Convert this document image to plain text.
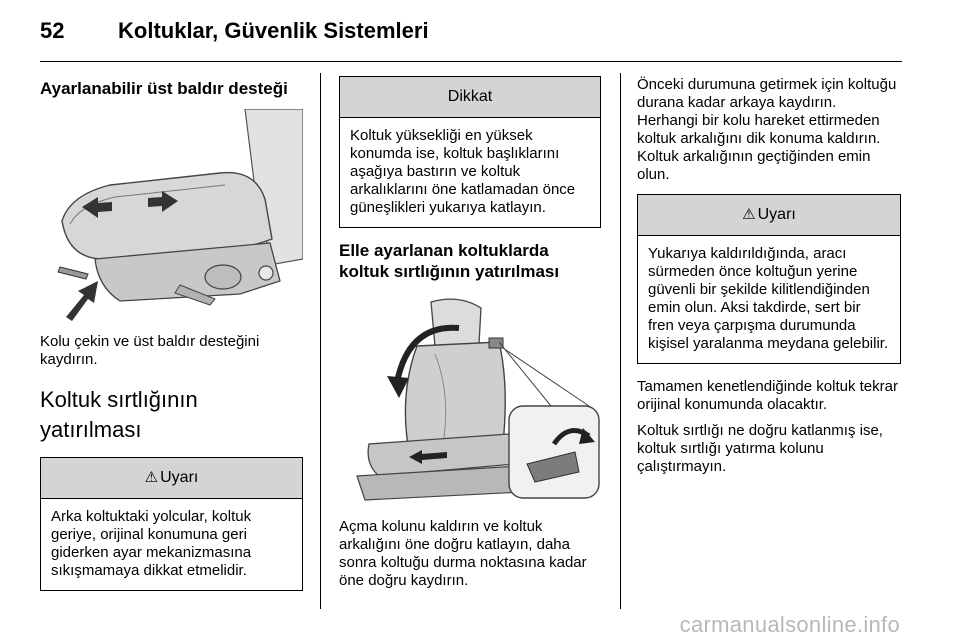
52 Koltuklar, Güvenlik Sistemleri
Ayarlanabilir üst baldır desteği

Kolu çekin ve üst baldır desteğini kaydırın.

Koltuk sırtlığının
yatırılması
⚠ Uyarı
Arka koltuktaki yolcular, koltuk geriye, orijinal konumuna geri giderken ayar mekanizmasına sıkışmamaya dikkat etmelidir.
Dikkat
Koltuk yüksekliği en yüksek konumda ise, koltuk başlıklarını aşağıya bastırın ve koltuk arkalıklarını öne katlamadan önce güneşlikleri yukarıya katlayın.
Elle ayarlanan koltuklarda koltuk sırtlığının yatırılması

Açma kolunu kaldırın ve koltuk arkalığını öne doğru katlayın, daha sonra koltuğu durma noktasına kadar öne doğru kaydırın.

Önceki durumuna getirmek için koltuğu durana kadar arkaya kaydırın. Herhangi bir kolu hareket ettirmeden koltuk arkalığını dik konuma kaldırın. Koltuk arkalığının geçtiğinden emin olun.

⚠ Uyarı
Yukarıya kaldırıldığında, aracı sürmeden önce koltuğun yerine güvenli bir şekilde kilitlendiğinden emin olun. Aksi takdirde, sert bir fren veya çarpışma durumunda kişisel yaralanma meydana gelebilir.

Tamamen kenetlendiğinde koltuk tekrar orijinal konumunda olacaktır.

Koltuk sırtlığı ne doğru katlanmış ise, koltuk sırtlığı yatırma kolunu çalıştırmayın.

carmanualsonline.info
